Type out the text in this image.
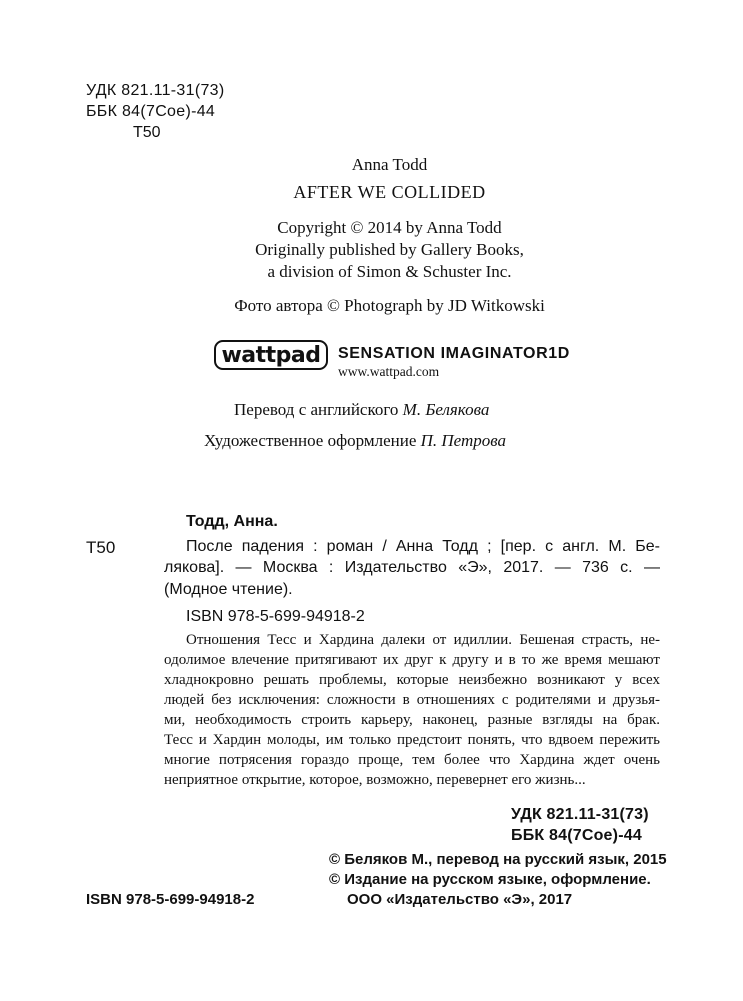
УДК 821.11-31(73)
ББК 84(7Сое)-44
Т50
Anna Todd
AFTER WE COLLIDED
Copyright © 2014 by Anna Todd
Originally published by Gallery Books,
a division of Simon & Schuster Inc.
Фото автора © Photograph by JD Witkowski
wattpad	SENSATION IMAGINATOR1D
www.wattpad.com
Перевод с английского М. Белякова
Художественное оформление П. Петрова
Тодд, Анна.
Т50	После падения : роман / Анна Тодд ; [пер. с англ. М. Бе-
лякова]. — Москва : Издательство «Э», 2017. — 736 с. —
(Модное чтение).
ISBN 978-5-699-94918-2
Отношения Тесс и Хардина далеки от идиллии. Бешеная страсть, не-
одолимое влечение притягивают их друг к другу и в то же время мешают
хладнокровно решать проблемы, которые неизбежно возникают у всех
людей без исключения: сложности в отношениях с родителями и друзья-
ми, необходимость строить карьеру, наконец, разные взгляды на брак.
Тесс и Хардин молоды, им только предстоит понять, что вдвоем пережить
многие потрясения гораздо проще, тем более что Хардина ждет очень
неприятное открытие, которое, возможно, перевернет его жизнь...
УДК 821.11-31(73)
ББК 84(7Сое)-44
© Беляков М., перевод на русский язык, 2015
© Издание на русском языке, оформление.
ISBN 978-5-699-94918-2	ООО «Издательство «Э», 2017
